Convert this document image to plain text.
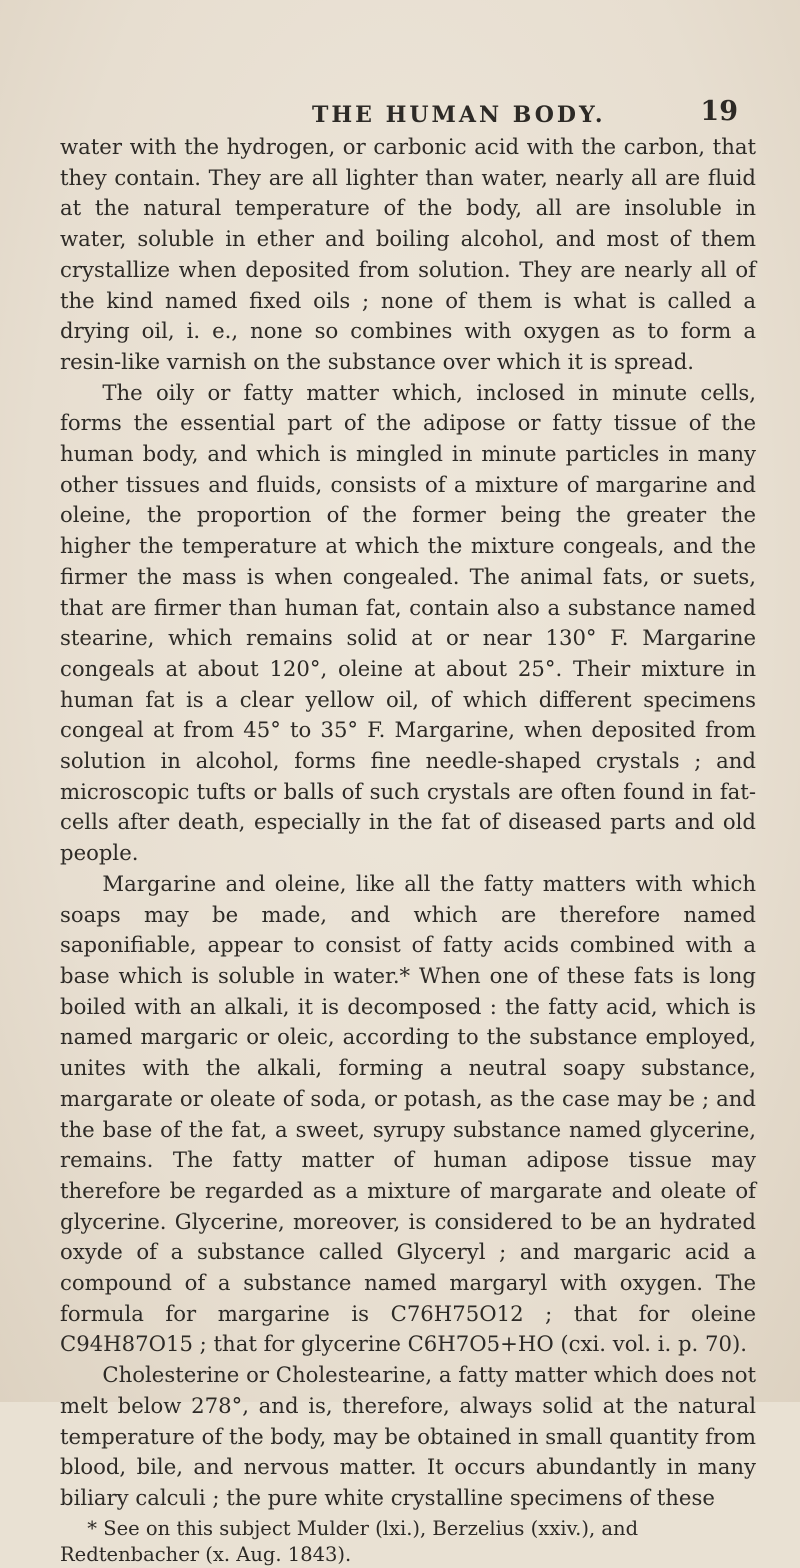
THE HUMAN BODY.	19

water with the hydrogen, or carbonic acid with the carbon, that they contain. They are all lighter than water, nearly all are fluid at the natural temperature of the body, all are insoluble in water, soluble in ether and boiling alcohol, and most of them crystallize when deposited from solution. They are nearly all of the kind named fixed oils ; none of them is what is called a drying oil, i. e., none so combines with oxygen as to form a resin-like varnish on the substance over which it is spread.

The oily or fatty matter which, inclosed in minute cells, forms the essential part of the adipose or fatty tissue of the human body, and which is mingled in minute particles in many other tissues and fluids, consists of a mixture of margarine and oleine, the proportion of the former being the greater the higher the temperature at which the mixture congeals, and the firmer the mass is when congealed. The animal fats, or suets, that are firmer than human fat, contain also a substance named stearine, which remains solid at or near 130° F. Margarine congeals at about 120°, oleine at about 25°. Their mixture in human fat is a clear yellow oil, of which different specimens congeal at from 45° to 35° F. Margarine, when deposited from solution in alcohol, forms fine needle-shaped crystals ; and microscopic tufts or balls of such crystals are often found in fat-cells after death, especially in the fat of diseased parts and old people.

Margarine and oleine, like all the fatty matters with which soaps may be made, and which are therefore named saponifiable, appear to consist of fatty acids combined with a base which is soluble in water.* When one of these fats is long boiled with an alkali, it is decomposed : the fatty acid, which is named margaric or oleic, according to the substance employed, unites with the alkali, forming a neutral soapy substance, margarate or oleate of soda, or potash, as the case may be ; and the base of the fat, a sweet, syrupy substance named glycerine, remains. The fatty matter of human adipose tissue may therefore be regarded as a mixture of margarate and oleate of glycerine. Glycerine, moreover, is considered to be an hydrated oxyde of a substance called Glyceryl ; and margaric acid a compound of a substance named margaryl with oxygen. The formula for margarine is C76H75O12 ; that for oleine C94H87O15 ; that for glycerine C6H7O5+HO (cxi. vol. i. p. 70).

Cholesterine or Cholestearine, a fatty matter which does not melt below 278°, and is, therefore, always solid at the natural temperature of the body, may be obtained in small quantity from blood, bile, and nervous matter. It occurs abundantly in many biliary calculi ; the pure white crystalline specimens of these

* See on this subject Mulder (lxi.), Berzelius (xxiv.), and Redtenbacher (x. Aug. 1843).
